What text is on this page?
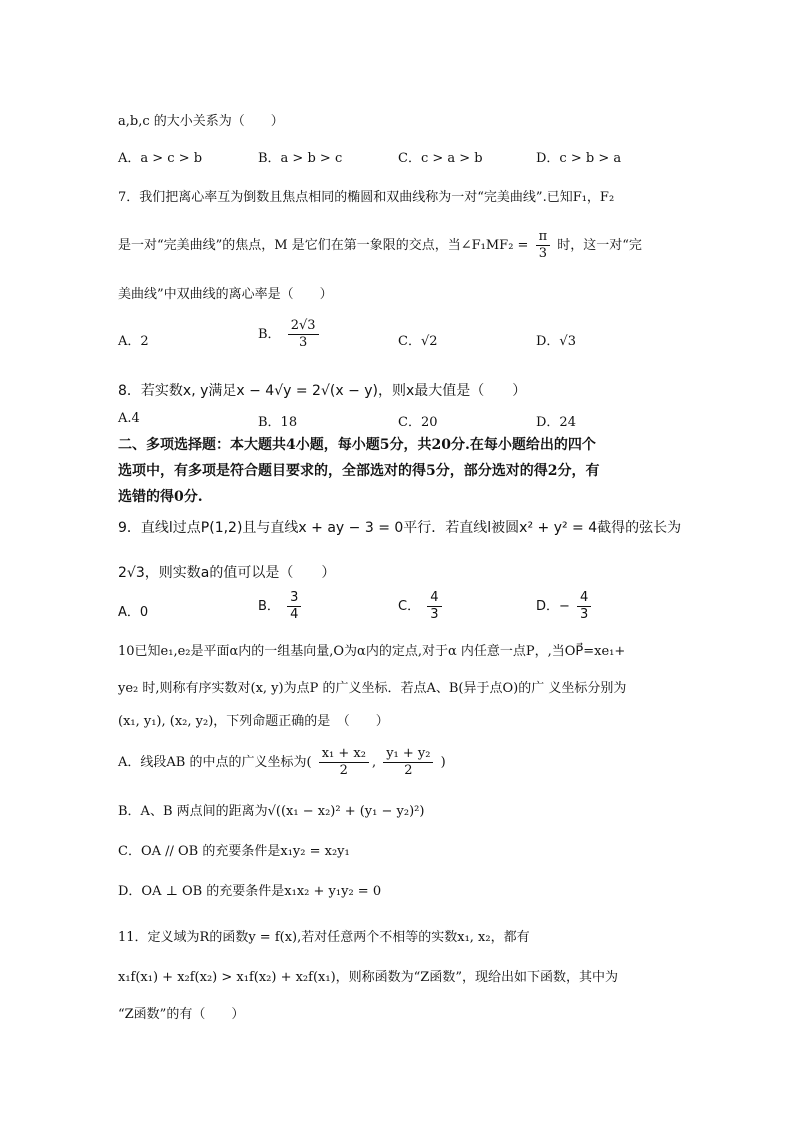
a,b,c 的大小关系为（　　）
A．a > c > b	B．a > b > c	C．c > a > b	D．c > b > a
7．我们把离心率互为倒数且焦点相同的椭圆和双曲线称为一对“完美曲线”.已知F₁，F₂
是一对“完美曲线”的焦点，M 是它们在第一象限的交点，当∠F₁MF₂ = $\frac{\pi}{3}$ 时，这一对“完
美曲线”中双曲线的离心率是（　　）
A．2	B． $\frac{2√3}{3}$	C．√2	D．√3
8．若实数x, y满足x − 4√y = 2√(x − y)，则x最大值是（　　）
A.4	B．18	C．20	D．24
二、多项选择题：本大题共4小题，每小题5分，共20分.在每小题给出的四个
选项中，有多项是符合题目要求的，全部选对的得5分，部分选对的得2分，有
选错的得0分.
9．直线l过点P(1,2)且与直线x + ay − 3 = 0平行．若直线l被圆x² + y² = 4截得的弦长为
2√3，则实数a的值可以是（　　）
A．0	B． $\frac{3}{4}$	C． $\frac{4}{3}$	D．− $\frac{4}{3}$
10已知e₁,e₂是平面α内的一组基向量,O为α内的定点,对于α 内任意一点P，,当OP⃗=xe₁+
ye₂ 时,则称有序实数对(x, y)为点P 的广义坐标．若点A、B(异于点O)的广 义坐标分别为
(x₁, y₁), (x₂, y₂)，下列命题正确的是　（　　）
A．线段AB 的中点的广义坐标为( $\frac{\text{x₁ + x₂}}{2}$ , $\frac{\text{y₁ + y₂}}{2}$ )
B．A、B 两点间的距离为√((x₁ − x₂)² + (y₁ − y₂)²)
C．OA // OB 的充要条件是x₁y₂ = x₂y₁
D．OA ⊥ OB 的充要条件是x₁x₂ + y₁y₂ = 0
11．定义域为R的函数y = f(x),若对任意两个不相等的实数x₁, x₂，都有
x₁f(x₁) + x₂f(x₂) > x₁f(x₂) + x₂f(x₁)，则称函数为“Z函数”，现给出如下函数，其中为
“Z函数”的有（　　）
